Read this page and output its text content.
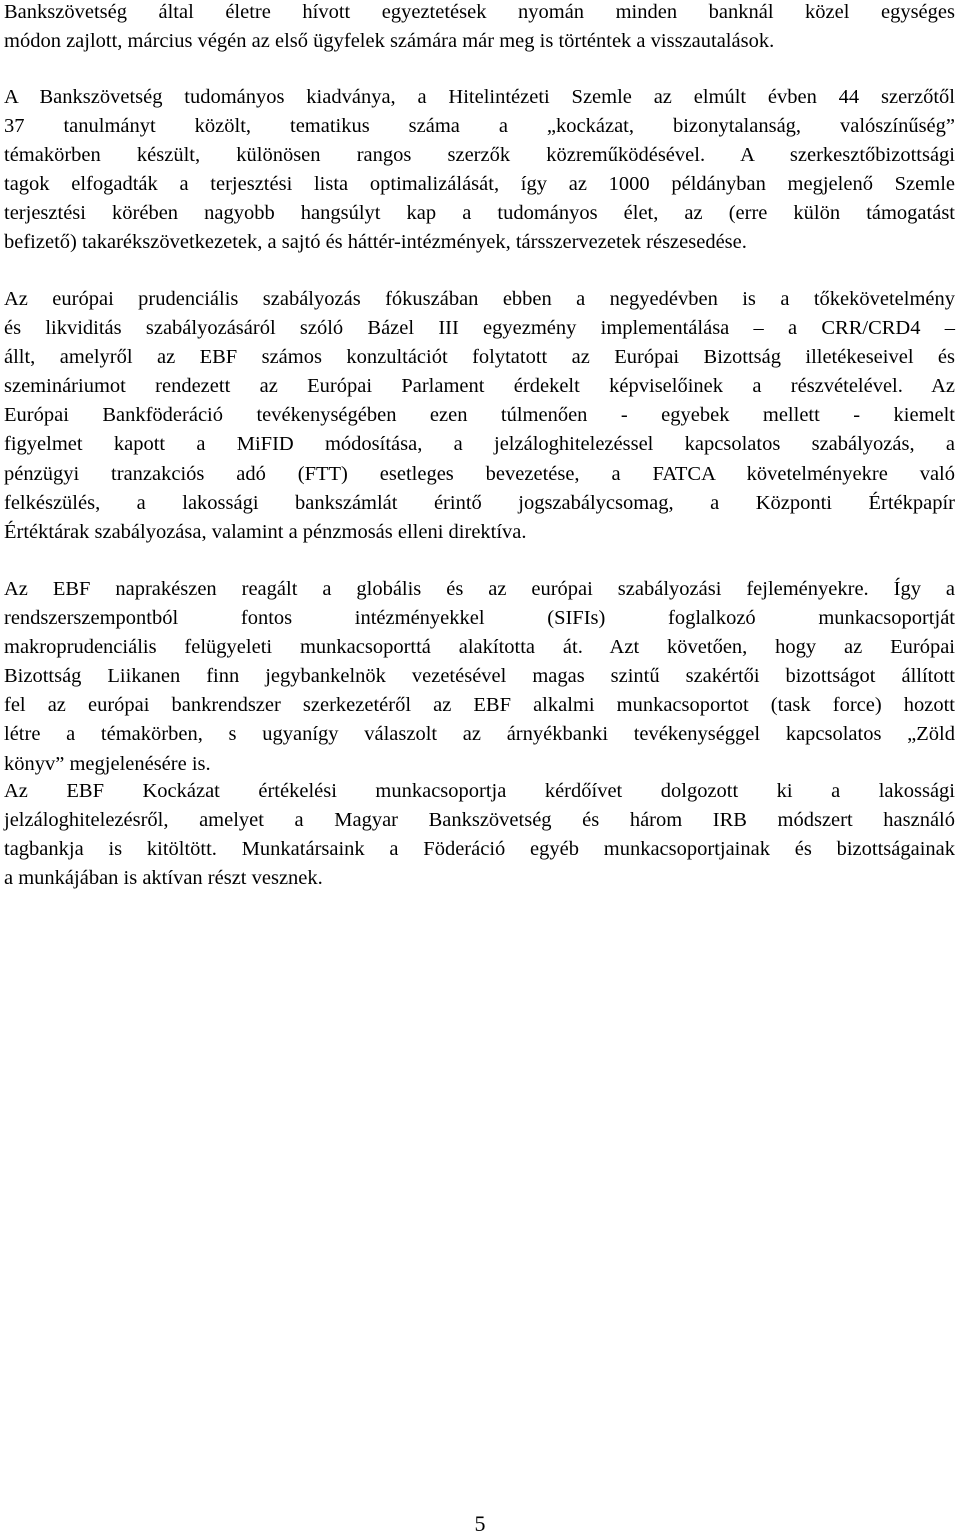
Bankszövetség által életre hívott egyeztetések nyomán minden banknál közel egységes
módon zajlott, március végén az első ügyfelek számára már meg is történtek a visszautalások.
A Bankszövetség tudományos kiadványa, a Hitelintézeti Szemle az elmúlt évben 44 szerzőtől
37 tanulmányt közölt, tematikus száma a „kockázat, bizonytalanság, valószínűség”
témakörben készült, különösen rangos szerzők közreműködésével. A szerkesztőbizottsági
tagok elfogadták a terjesztési lista optimalizálását, így az 1000 példányban megjelenő Szemle
terjesztési körében nagyobb hangsúlyt kap a tudományos élet, az (erre külön támogatást
befizető) takarékszövetkezetek, a sajtó és háttér-intézmények, társszervezetek részesedése.
Az európai prudenciális szabályozás fókuszában ebben a negyedévben is a tőkekövetelmény
és likviditás szabályozásáról szóló Bázel III egyezmény implementálása – a CRR/CRD4 –
állt, amelyről az EBF számos konzultációt folytatott az Európai Bizottság illetékeseivel és
szemináriumot rendezett az Európai Parlament érdekelt képviselőinek a részvételével. Az
Európai Bankföderáció tevékenységében ezen túlmenően - egyebek mellett - kiemelt
figyelmet kapott a MiFID módosítása, a jelzáloghitelezéssel kapcsolatos szabályozás, a
pénzügyi tranzakciós adó (FTT) esetleges bevezetése, a FATCA követelményekre való
felkészülés, a lakossági bankszámlát érintő jogszabálycsomag, a Központi Értékpapír
Értéktárak szabályozása, valamint a pénzmosás elleni direktíva.
Az EBF naprakészen reagált a globális és az európai szabályozási fejleményekre. Így a
rendszerszempontból fontos intézményekkel (SIFIs) foglalkozó munkacsoportját
makroprudenciális felügyeleti munkacsoporttá alakította át. Azt követően, hogy az Európai
Bizottság Liikanen finn jegybankelnök vezetésével magas szintű szakértői bizottságot állított
fel az európai bankrendszer szerkezetéről az EBF alkalmi munkacsoportot (task force) hozott
létre a témakörben, s ugyanígy válaszolt az árnyékbanki tevékenységgel kapcsolatos „Zöld
könyv” megjelenésére is.
Az EBF Kockázat értékelési munkacsoportja kérdőívet dolgozott ki a lakossági
jelzáloghitelezésről, amelyet a Magyar Bankszövetség és három IRB módszert használó
tagbankja is kitöltött. Munkatársaink a Föderáció egyéb munkacsoportjainak és bizottságainak
a munkájában is aktívan részt vesznek.
5
